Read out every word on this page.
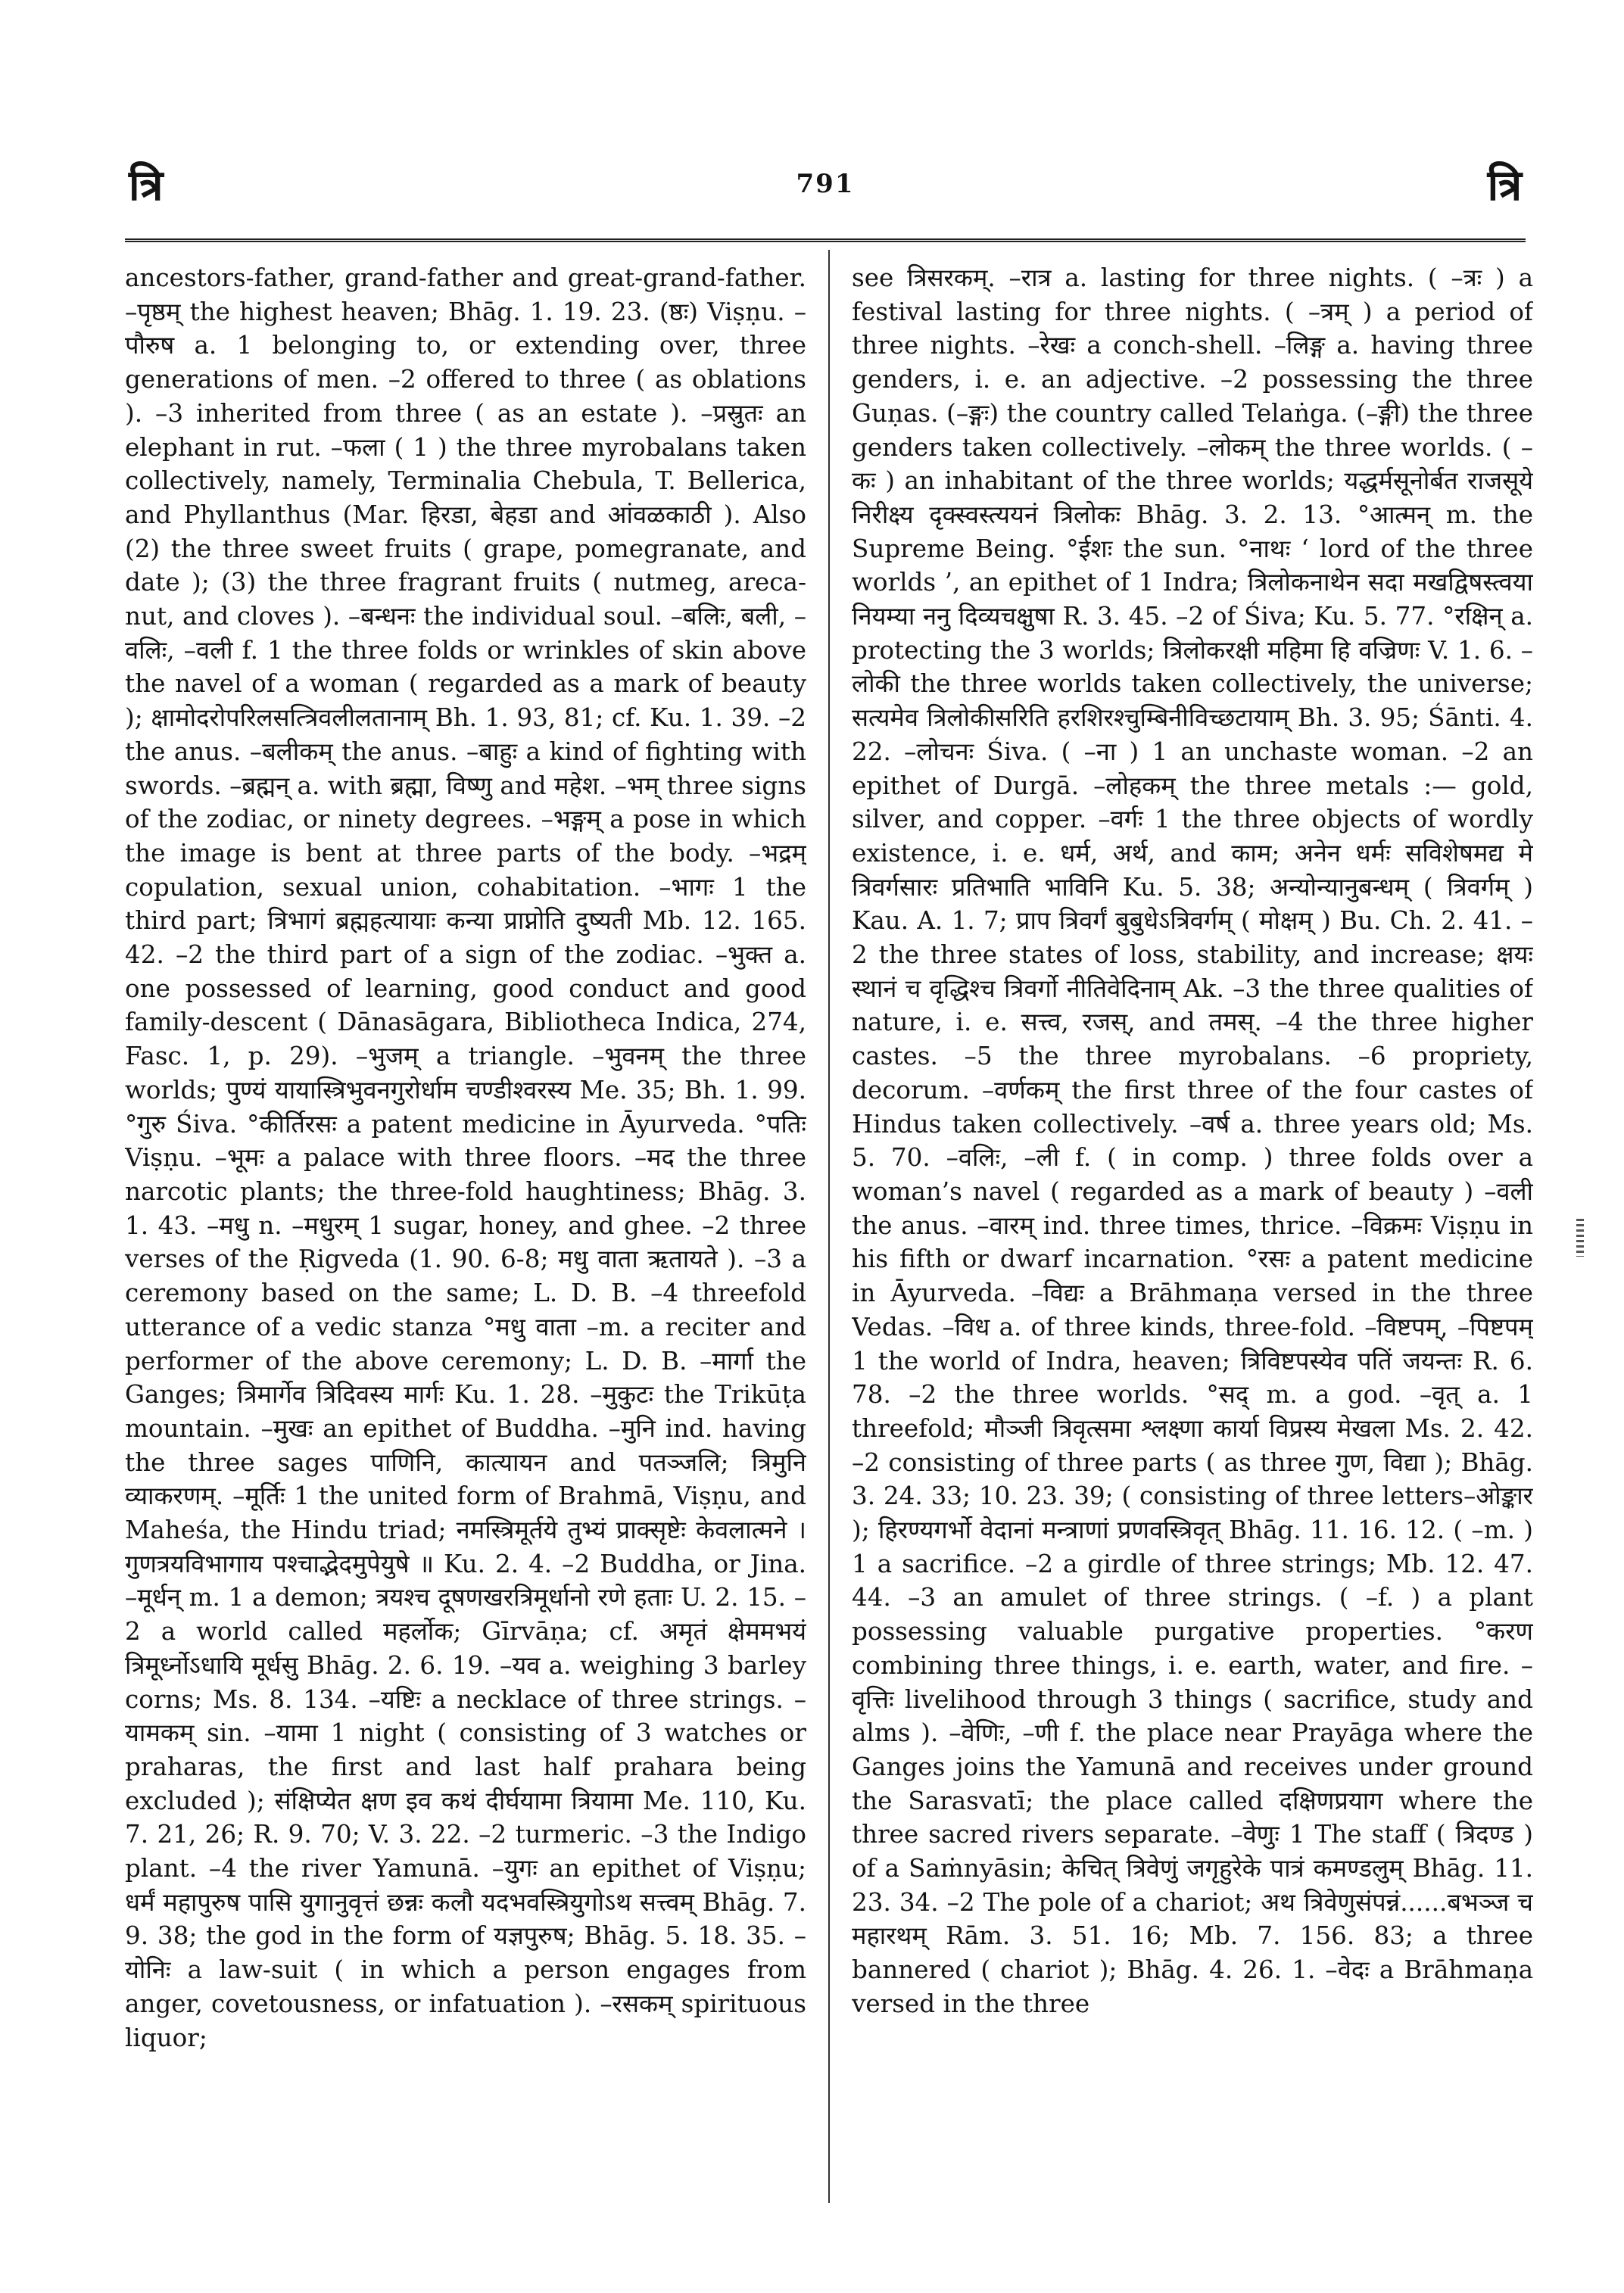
त्रि	791	त्रि

ancestors-father, grand-father and great-grand-father. –पृष्ठम् the highest heaven; Bhāg. 1. 19. 23. (ष्ठः) Viṣṇu. –पौरुष a. 1 belonging to, or extending over, three generations of men. –2 offered to three ( as oblations ). –3 inherited from three ( as an estate ). –प्रस्रुतः an elephant in rut. –फला ( 1 ) the three myrobalans taken collectively, namely, Terminalia Chebula, T. Bellerica, and Phyllanthus (Mar. हिरडा, बेहडा and आंवळकाठी ). Also (2) the three sweet fruits ( grape, pomegranate, and date ); (3) the three fragrant fruits ( nutmeg, areca-nut, and cloves ). –बन्धनः the individual soul. –बलिः, बली, –वलिः, –वली f. 1 the three folds or wrinkles of skin above the navel of a woman ( regarded as a mark of beauty ); क्षामोदरोपरिलसत्त्रिवलीलतानाम् Bh. 1. 93, 81; cf. Ku. 1. 39. –2 the anus. –बलीकम् the anus. –बाहुः a kind of fighting with swords. –ब्रह्मन् a. with ब्रह्मा, विष्णु and महेश. –भम् three signs of the zodiac, or ninety degrees. –भङ्गम् a pose in which the image is bent at three parts of the body. –भद्रम् copulation, sexual union, cohabitation. –भागः 1 the third part; त्रिभागं ब्रह्महत्यायाः कन्या प्राप्नोति दुष्यती Mb. 12. 165. 42. –2 the third part of a sign of the zodiac. –भुक्त a. one possessed of learning, good conduct and good family-descent ( Dānasāgara, Bibliotheca Indica, 274, Fasc. 1, p. 29). –भुजम् a triangle. –भुवनम् the three worlds; पुण्यं यायास्त्रिभुवनगुरोर्धाम चण्डीश्वरस्य Me. 35; Bh. 1. 99. °गुरु Śiva. °कीर्तिरसः a patent medicine in Āyurveda. °पतिः Viṣṇu. –भूमः a palace with three floors. –मद the three narcotic plants; the three-fold haughtiness; Bhāg. 3. 1. 43. –मधु n. –मधुरम् 1 sugar, honey, and ghee. –2 three verses of the Ṛigveda (1. 90. 6-8; मधु वाता ऋतायते ). –3 a ceremony based on the same; L. D. B. –4 threefold utterance of a vedic stanza °मधु वाता –m. a reciter and performer of the above ceremony; L. D. B. –मार्गा the Ganges; त्रिमार्गेव त्रिदिवस्य मार्गः Ku. 1. 28. –मुकुटः the Trikūṭa mountain. –मुखः an epithet of Buddha. –मुनि ind. having the three sages पाणिनि, कात्यायन and पतञ्जलि; त्रिमुनि व्याकरणम्. –मूर्तिः 1 the united form of Brahmā, Viṣṇu, and Maheśa, the Hindu triad; नमस्त्रिमूर्तये तुभ्यं प्राक्सृष्टेः केवलात्मने । गुणत्रयविभागाय पश्चाद्भेदमुपेयुषे ॥ Ku. 2. 4. –2 Buddha, or Jina. –मूर्धन् m. 1 a demon; त्रयश्च दूषणखरत्रिमूर्धानो रणे हताः U. 2. 15. –2 a world called महर्लोक; Gīrvāṇa; cf. अमृतं क्षेममभयं त्रिमूर्ध्नोऽधायि मूर्धसु Bhāg. 2. 6. 19. –यव a. weighing 3 barley corns; Ms. 8. 134. –यष्टिः a necklace of three strings. –यामकम् sin. –यामा 1 night ( consisting of 3 watches or praharas, the first and last half prahara being excluded ); संक्षिप्येत क्षण इव कथं दीर्घयामा त्रियामा Me. 110, Ku. 7. 21, 26; R. 9. 70; V. 3. 22. –2 turmeric. –3 the Indigo plant. –4 the river Yamunā. –युगः an epithet of Viṣṇu; धर्मं महापुरुष पासि युगानुवृत्तं छन्नः कलौ यदभवस्त्रियुगोऽथ सत्त्वम् Bhāg. 7. 9. 38; the god in the form of यज्ञपुरुष; Bhāg. 5. 18. 35. –योनिः a law-suit ( in which a person engages from anger, covetousness, or infatuation ). –रसकम् spirituous liquor;

see त्रिसरकम्. –रात्र a. lasting for three nights. ( –त्रः ) a festival lasting for three nights. ( –त्रम् ) a period of three nights. –रेखः a conch-shell. –लिङ्ग a. having three genders, i. e. an adjective. –2 possessing the three Guṇas. (–ङ्गः) the country called Telaṅga. (–ङ्गी) the three genders taken collectively. –लोकम् the three worlds. ( –कः ) an inhabitant of the three worlds; यद्धर्मसूनोर्बत राजसूये निरीक्ष्य दृक्स्वस्त्ययनं त्रिलोकः Bhāg. 3. 2. 13. °आत्मन् m. the Supreme Being. °ईशः the sun. °नाथः ‘ lord of the three worlds ’, an epithet of 1 Indra; त्रिलोकनाथेन सदा मखद्विषस्त्वया नियम्या ननु दिव्यचक्षुषा R. 3. 45. –2 of Śiva; Ku. 5. 77. °रक्षिन् a. protecting the 3 worlds; त्रिलोकरक्षी महिमा हि वज्रिणः V. 1. 6. –लोकी the three worlds taken collectively, the universe; सत्यमेव त्रिलोकीसरिति हरशिरश्चुम्बिनीविच्छटायाम् Bh. 3. 95; Śānti. 4. 22. –लोचनः Śiva. ( –ना ) 1 an unchaste woman. –2 an epithet of Durgā. –लोहकम् the three metals :— gold, silver, and copper. –वर्गः 1 the three objects of wordly existence, i. e. धर्म, अर्थ, and काम; अनेन धर्मः सविशेषमद्य मे त्रिवर्गसारः प्रतिभाति भाविनि Ku. 5. 38; अन्योन्यानुबन्धम् ( त्रिवर्गम् ) Kau. A. 1. 7; प्राप त्रिवर्गं बुबुधेऽत्रिवर्गम् ( मोक्षम् ) Bu. Ch. 2. 41. –2 the three states of loss, stability, and increase; क्षयः स्थानं च वृद्धिश्च त्रिवर्गो नीतिवेदिनाम् Ak. –3 the three qualities of nature, i. e. सत्त्व, रजस्, and तमस्. –4 the three higher castes. –5 the three myrobalans. –6 propriety, decorum. –वर्णकम् the first three of the four castes of Hindus taken collectively. –वर्ष a. three years old; Ms. 5. 70. –वलिः, –ली f. ( in comp. ) three folds over a woman’s navel ( regarded as a mark of beauty ) –वली the anus. –वारम् ind. three times, thrice. –विक्रमः Viṣṇu in his fifth or dwarf incarnation. °रसः a patent medicine in Āyurveda. –विद्यः a Brāhmaṇa versed in the three Vedas. –विध a. of three kinds, three-fold. –विष्टपम्, –पिष्टपम् 1 the world of Indra, heaven; त्रिविष्टपस्येव पतिं जयन्तः R. 6. 78. –2 the three worlds. °सद् m. a god. –वृत् a. 1 threefold; मौञ्जी त्रिवृत्समा श्लक्ष्णा कार्या विप्रस्य मेखला Ms. 2. 42. –2 consisting of three parts ( as three गुण, विद्या ); Bhāg. 3. 24. 33; 10. 23. 39; ( consisting of three letters–ओङ्कार ); हिरण्यगर्भो वेदानां मन्त्राणां प्रणवस्त्रिवृत् Bhāg. 11. 16. 12. ( –m. ) 1 a sacrifice. –2 a girdle of three strings; Mb. 12. 47. 44. –3 an amulet of three strings. ( –f. ) a plant possessing valuable purgative properties. °करण combining three things, i. e. earth, water, and fire. –वृत्तिः livelihood through 3 things ( sacrifice, study and alms ). –वेणिः, –णी f. the place near Prayāga where the Ganges joins the Yamunā and receives under ground the Sarasvatī; the place called दक्षिणप्रयाग where the three sacred rivers separate. –वेणुः 1 The staff ( त्रिदण्ड ) of a Saṁnyāsin; केचित् त्रिवेणुं जगृहुरेके पात्रं कमण्डलुम् Bhāg. 11. 23. 34. –2 The pole of a chariot; अथ त्रिवेणुसंपन्नं......बभञ्ज च महारथम् Rām. 3. 51. 16; Mb. 7. 156. 83; a three bannered ( chariot ); Bhāg. 4. 26. 1. –वेदः a Brāhmaṇa versed in the three
